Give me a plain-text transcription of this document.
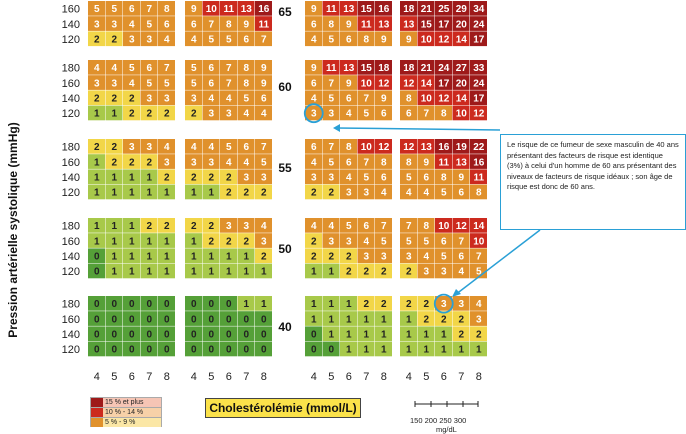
5 5 6 7 8
3 3 4 5 6
2 2 3 3 4
160
140
120
9 10 11 13 16
6 7 8 9 11
4 5 5 6 7
9 11 13 15 16
6 8 9 11 13
4 5 6 8 9
18 21 25 29 34
13 15 17 20 24
9 10 12 14 17
65
4 4 5 6 7
3 3 4 5 5
2 2 2 3 3
1 1 2 2 2
180
160
140
120
5 6 7 8 9
5 6 7 8 9
3 4 4 5 6
2 3 3 4 4
9 11 13 15 18
6 7 9 10 12
4 5 6 7 9
3 3 4 5 6
18 21 24 27 33
12 14 17 20 24
8 10 12 14 17
6 7 8 10 12
60
2 2 3 3 4
1 2 2 2 3
1 1 1 1 2
1 1 1 1 1
180
160
140
120
4 4 5 6 7
3 3 4 4 5
2 2 2 3 3
1 1 2 2 2
6 7 8 10 12
4 5 6 7 8
3 3 4 5 6
2 2 3 3 4
12 13 16 19 22
8 9 11 13 16
5 6 8 9 11
4 4 5 6 8
55
1 1 1 2 2
1 1 1 1 1
0 1 1 1 1
0 1 1 1 1
180
160
140
120
2 2 3 3 4
1 2 2 2 3
1 1 1 1 2
1 1 1 1 1
4 4 5 6 7
2 3 3 4 5
2 2 2 3 3
1 1 2 2 2
7 8 10 12 14
5 5 6 7 10
3 4 5 6 7
2 3 3 4 5
50
0 0 0 0 0
0 0 0 0 0
0 0 0 0 0
0 0 0 0 0
180
160
140
120
0 0 0 1 1
0 0 0 0 0
0 0 0 0 0
0 0 0 0 0
1 1 1 2 2
1 1 1 1 1
0 1 1 1 1
0 0 1 1 1
2 2 3 3 4
1 2 2 2 3
1 1 1 2 2
1 1 1 1 1
40
4 5 6 7 8 4 5 6 7 8	4 5 6 7 8 4 5 6 7 8
Pression artérielle systolique (mmHg)
Cholestérolémie (mmol/L)
15 % et plus
10 % - 14 %
5 % - 9 %
Le risque de ce fumeur de sexe masculin de 40 ans présentant des facteurs de risque est identique (3%) à celui d'un homme de 60 ans présentant des niveaux de facteurs de risque idéaux ; son âge de risque est donc de 60 ans.
150 200 250 300
mg/dL
